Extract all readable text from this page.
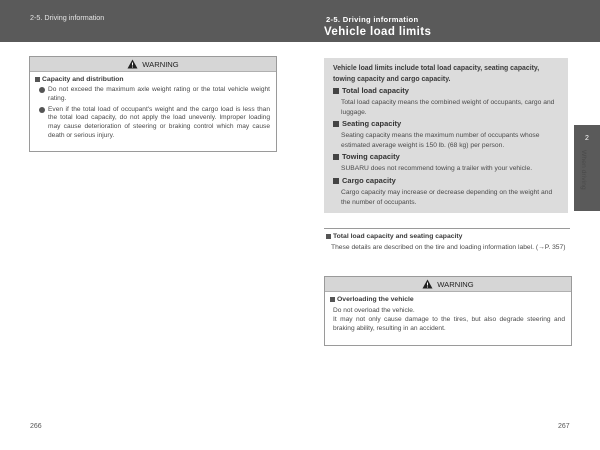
2-5. Driving information	2-5. Driving information
Vehicle load limits
WARNING
Capacity and distribution
Do not exceed the maximum axle weight rating or the total vehicle weight rating.
Even if the total load of occupant's weight and the cargo load is less than the total load capacity, do not apply the load unevenly. Improper loading may cause deterioration of steering or braking control which may cause death or serious injury.
Vehicle load limits include total load capacity, seating capacity, towing capacity and cargo capacity.
Total load capacity
Total load capacity means the combined weight of occupants, cargo and luggage.
Seating capacity
Seating capacity means the maximum number of occupants whose estimated average weight is 150 lb. (68 kg) per person.
Towing capacity
SUBARU does not recommend towing a trailer with your vehicle.
Cargo capacity
Cargo capacity may increase or decrease depending on the weight and the number of occupants.
2
When driving
Total load capacity and seating capacity
These details are described on the tire and loading information label. (→P. 357)
WARNING
Overloading the vehicle
Do not overload the vehicle.
It may not only cause damage to the tires, but also degrade steering and braking ability, resulting in an accident.
266	267
